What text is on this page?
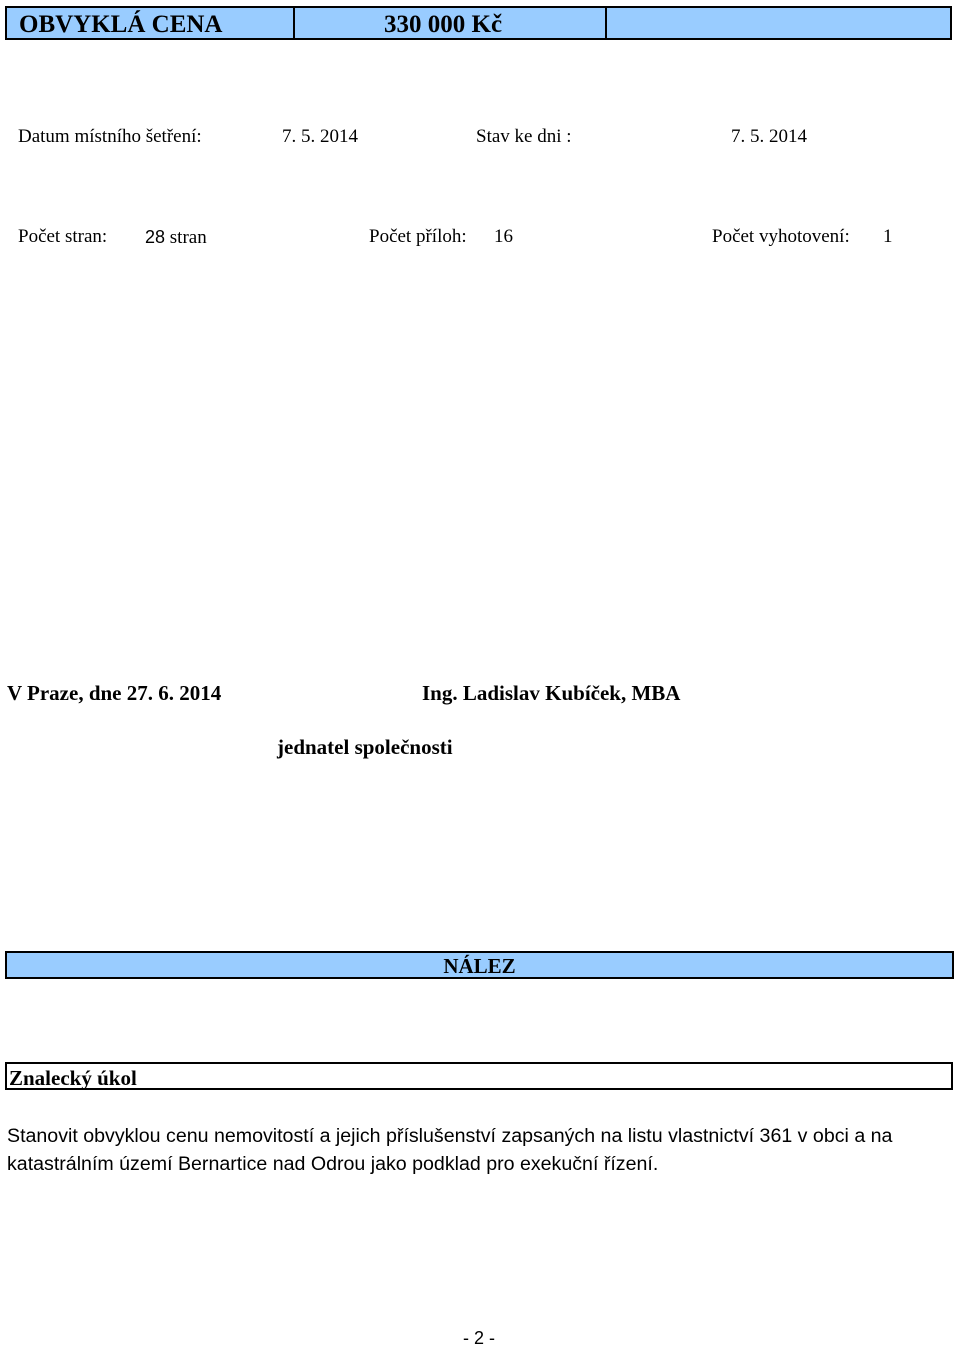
OBVYKLÁ CENA	330 000 Kč
Datum místního šetření:	7. 5. 2014	Stav ke dni :	7. 5. 2014
Počet stran: 28 stran	Počet příloh: 16	Počet vyhotovení: 1
V Praze, dne 27. 6. 2014	Ing. Ladislav Kubíček, MBA
jednatel společnosti
NÁLEZ
Znalecký úkol
Stanovit obvyklou cenu nemovitostí a jejich příslušenství zapsaných na listu vlastnictví 361 v obci a na katastrálním území Bernartice nad Odrou jako podklad pro exekuční řízení.
- 2 -
